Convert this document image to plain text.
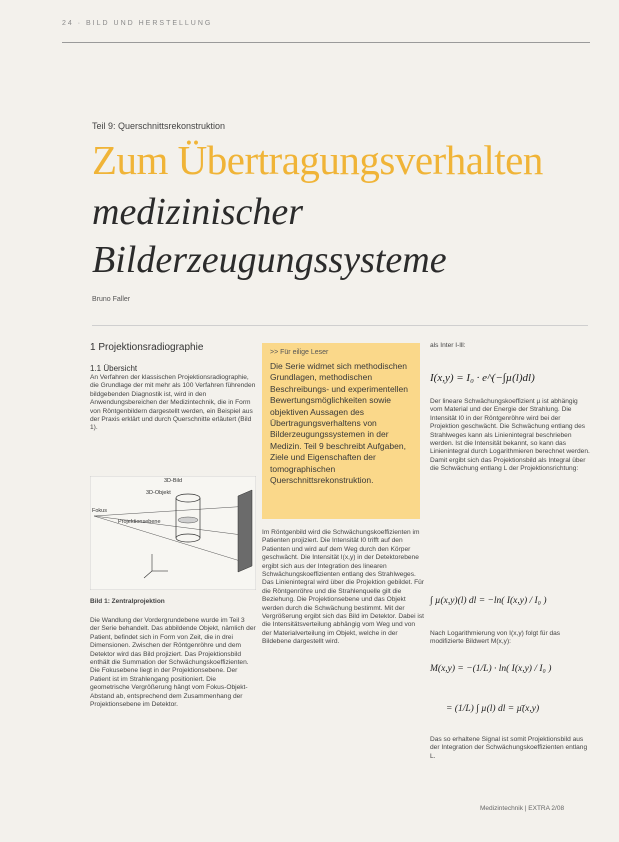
24 · BILD UND HERSTELLUNG
Teil 9: Querschnittsrekonstruktion
Zum Übertragungsverhalten
medizinischer
Bilderzeugungssysteme
Bruno Faller
1 Projektionsradiographie
1.1 Übersicht
An Verfahren der klassischen Projektionsradiographie, die Grundlage der mit mehr als 100 Verfahren führenden bildgebenden Diagnostik ist, wird in den Anwendungsbereichen der Medizintechnik, die in Form von Röntgenbildern dargestellt werden, ein Beispiel aus der Praxis erklärt und durch Querschnitte erläutert (Bild 1).
3D-Bild
3D-Objekt
Fokus
Projektionsebene
Bild 1: Zentralprojektion
Die Wandlung der Vordergrundebene wurde im Teil 3 der Serie behandelt. Das abbildende Objekt, nämlich der Patient, befindet sich in Form von Zeit, die in drei Dimensionen. Zwischen der Röntgenröhre und dem Detektor wird das Bild projiziert. Das Projektionsbild enthält die Summation der Schwächungskoeffizienten. Die Fokusebene liegt in der Projektionsebene. Der Patient ist im Strahlengang positioniert. Die geometrische Vergrößerung hängt vom Fokus-Objekt-Abstand ab, entsprechend dem Zusammenhang der Projektionsebene im Detektor.
>> Für eilige Leser
Die Serie widmet sich methodischen Grundlagen, methodischen Beschreibungs- und experimentellen Bewertungsmöglichkeiten sowie objektiven Aussagen des Übertragungsverhaltens von Bilderzeugungssystemen in der Medizin. Teil 9 beschreibt Aufgaben, Ziele und Eigenschaften der tomographischen Querschnittsrekonstruktion.
Im Röntgenbild wird die Schwächungskoeffizienten im Patienten projiziert. Die Intensität I0 trifft auf den Patienten und wird auf dem Weg durch den Körper geschwächt. Die Intensität I(x,y) in der Detektorebene ergibt sich aus der Integration des linearen Schwächungskoeffizienten entlang des Strahlweges. Das Linienintegral wird über die Projektion gebildet. Für die Röntgenröhre und die Strahlenquelle gilt die Beziehung. Die Projektionsebene und das Objekt werden durch die Schwächung bestimmt. Mit der Vergrößerung ergibt sich das Bild im Detektor. Dabei ist die Intensitätsverteilung abhängig vom Weg und von der Materialverteilung im Objekt, welche in der Bildebene dargestellt wird.
als Inter I-lll:
I(x,y) = I₀ · e^(−∫µ(l)dl)
Der lineare Schwächungskoeffizient µ ist abhängig vom Material und der Energie der Strahlung. Die Intensität I0 in der Röntgenröhre wird bei der Projektion geschwächt. Die Schwächung entlang des Strahlweges kann als Linienintegral beschrieben werden. Ist die Intensität bekannt, so kann das Linienintegral durch Logarithmieren berechnet werden. Damit ergibt sich das Projektionsbild als Integral über die Schwächung entlang L der Projektionsrichtung:
∫ µ(x,y)(l) dl = −ln( I(x,y) / I₀ )
Nach Logarithmierung von I(x,y) folgt für das modifizierte Bildwert M(x,y):
M(x,y) = −(1/L) · ln( I(x,y) / I₀ )
= (1/L) ∫ µ(l) dl = µ̄(x,y)
Das so erhaltene Signal ist somit Projektionsbild aus der Integration der Schwächungskoeffizienten entlang L.
Medizintechnik | EXTRA 2/08
